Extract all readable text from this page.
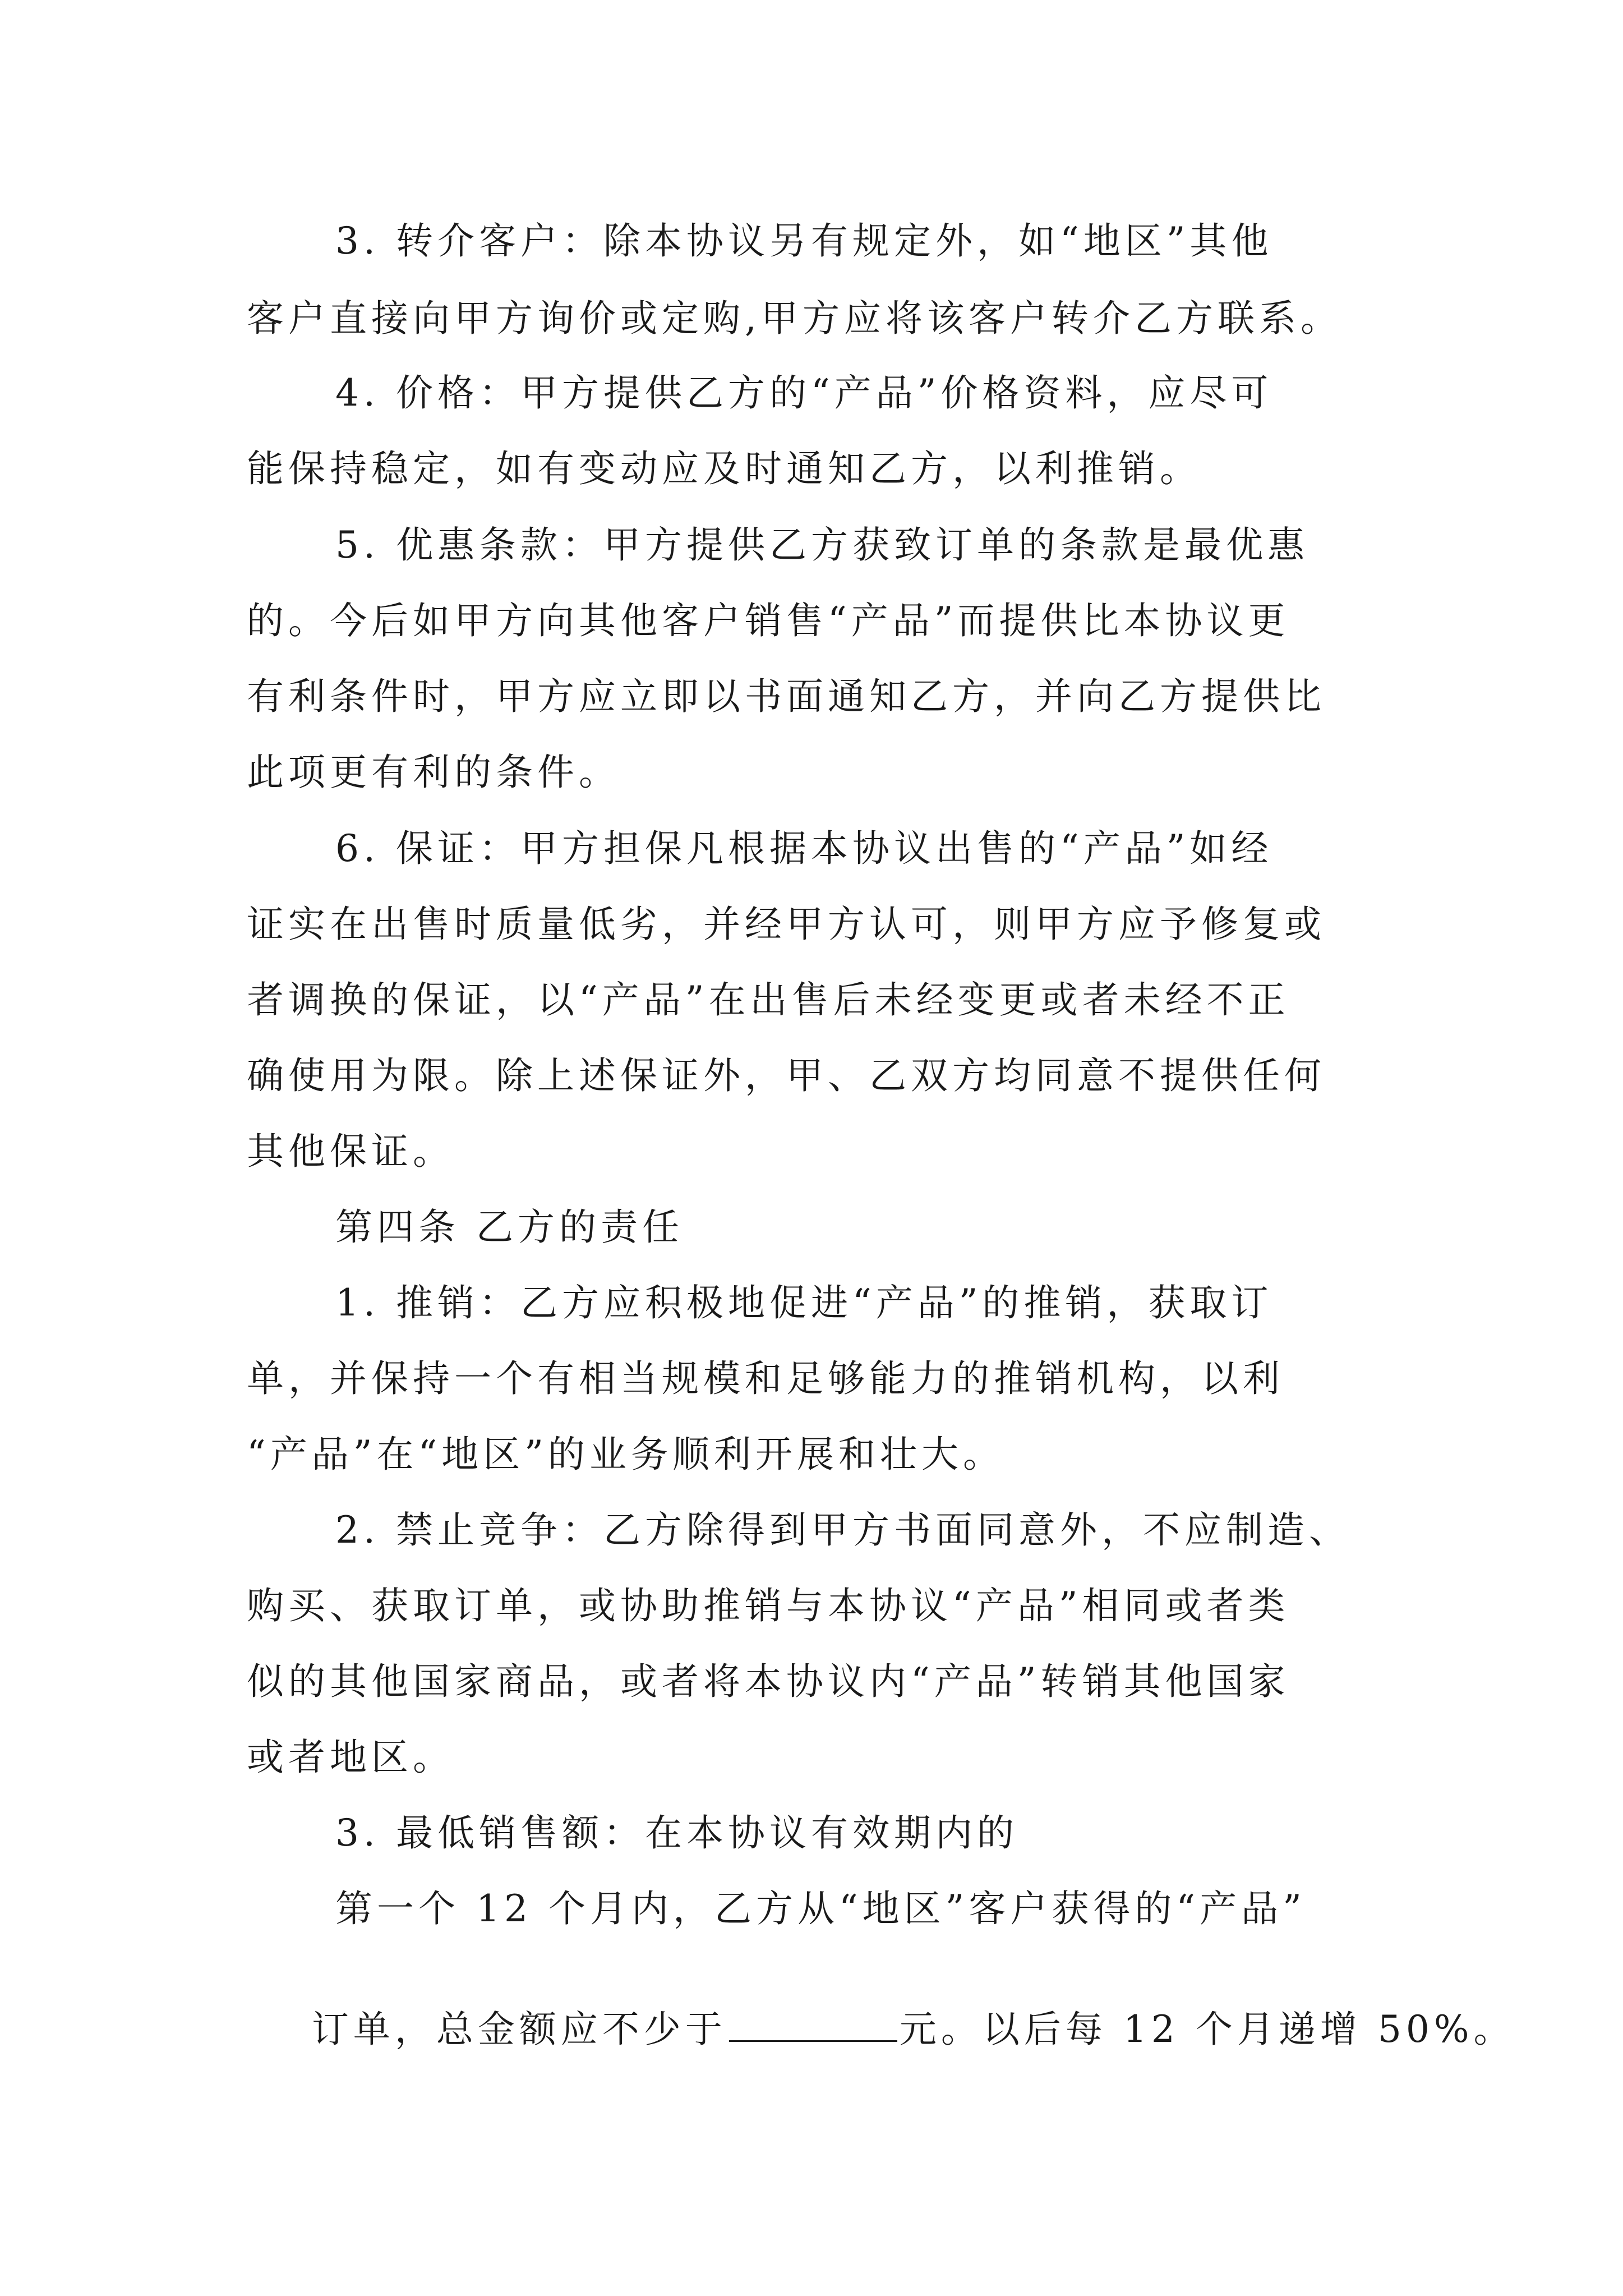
3. 转介客户：除本协议另有规定外，如“地区”其他
客户直接向甲方询价或定购,甲方应将该客户转介乙方联系。
4. 价格：甲方提供乙方的“产品”价格资料，应尽可
能保持稳定，如有变动应及时通知乙方，以利推销。
5. 优惠条款：甲方提供乙方获致订单的条款是最优惠
的。今后如甲方向其他客户销售“产品”而提供比本协议更
有利条件时，甲方应立即以书面通知乙方，并向乙方提供比
此项更有利的条件。
6. 保证：甲方担保凡根据本协议出售的“产品”如经
证实在出售时质量低劣，并经甲方认可，则甲方应予修复或
者调换的保证，以“产品”在出售后未经变更或者未经不正
确使用为限。除上述保证外，甲、乙双方均同意不提供任何
其他保证。
第四条 乙方的责任
1. 推销：乙方应积极地促进“产品”的推销，获取订
单，并保持一个有相当规模和足够能力的推销机构，以利
“产品”在“地区”的业务顺利开展和壮大。
2. 禁止竞争：乙方除得到甲方书面同意外，不应制造、
购买、获取订单，或协助推销与本协议“产品”相同或者类
似的其他国家商品，或者将本协议内“产品”转销其他国家
或者地区。
3. 最低销售额：在本协议有效期内的
第一个 12 个月内，乙方从“地区”客户获得的“产品”

订单，总金额应不少于	元。以后每 12 个月递增 50%。
